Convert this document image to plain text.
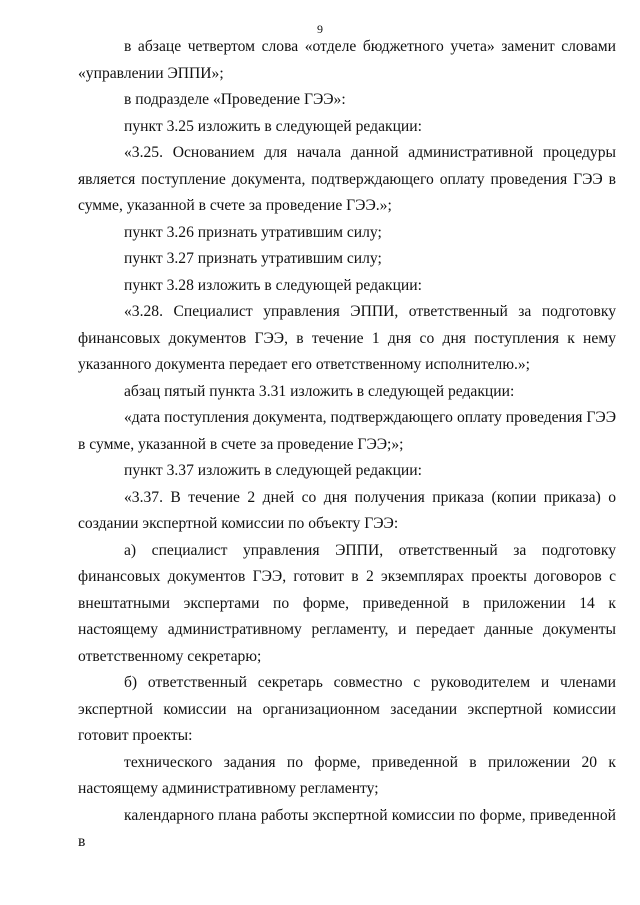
9

в абзаце четвертом слова «отделе бюджетного учета» заменит словами «управлении ЭППИ»;

в подразделе «Проведение ГЭЭ»:

пункт 3.25 изложить в следующей редакции:

«3.25. Основанием для начала данной административной процедуры является поступление документа, подтверждающего оплату проведения ГЭЭ в сумме, указанной в счете за проведение ГЭЭ.»;

пункт 3.26 признать утратившим силу;

пункт 3.27 признать утратившим силу;

пункт 3.28 изложить в следующей редакции:

«3.28. Специалист управления ЭППИ, ответственный за подготовку финансовых документов ГЭЭ, в течение 1 дня со дня поступления к нему указанного документа передает его ответственному исполнителю.»;

абзац пятый пункта 3.31 изложить в следующей редакции:

«дата поступления документа, подтверждающего оплату проведения ГЭЭ в сумме, указанной в счете за проведение ГЭЭ;»;

пункт 3.37 изложить в следующей редакции:

«3.37. В течение 2 дней со дня получения приказа (копии приказа) о создании экспертной комиссии по объекту ГЭЭ:

а) специалист управления ЭППИ, ответственный за подготовку финансовых документов ГЭЭ, готовит в 2 экземплярах проекты договоров с внештатными экспертами по форме, приведенной в приложении 14 к настоящему административному регламенту, и передает данные документы ответственному секретарю;

б) ответственный секретарь совместно с руководителем и членами экспертной комиссии на организационном заседании экспертной комиссии готовит проекты:

технического задания по форме, приведенной в приложении 20 к настоящему административному регламенту;

календарного плана работы экспертной комиссии по форме, приведенной в
